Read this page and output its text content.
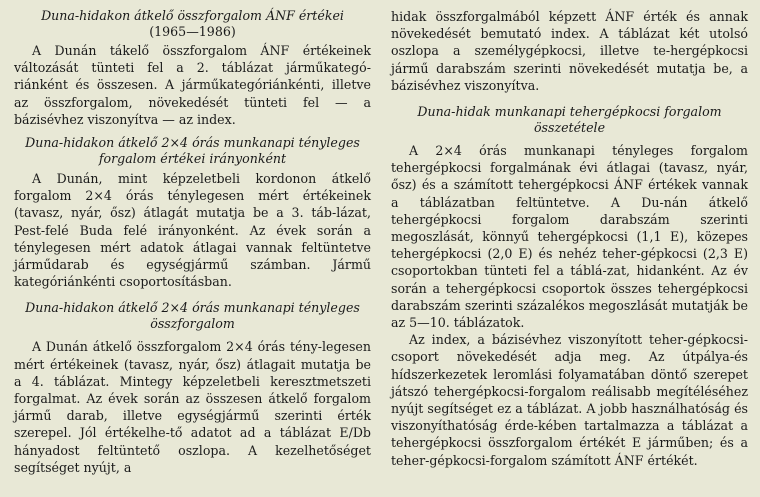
Duna-hidakon átkelő összforgalom ÁNF értékei
(1965—1986)

A Dunán tákelő összforgalom ÁNF értékeinek változását tünteti fel a 2. táblázat járműkategó-riánként és összesen. A járműkategóriánkénti, illetve az összforgalom, növekedését tünteti fel — a bázisévhez viszonyítva — az index.

Duna-hidakon átkelő 2×4 órás munkanapi tényleges forgalom értékei irányonként

A Dunán, mint képzeletbeli kordonon átkelő forgalom 2×4 órás ténylegesen mért értékeinek (tavasz, nyár, ősz) átlagát mutatja be a 3. táb-lázat, Pest-felé Buda felé irányonként. Az évek során a ténylegesen mért adatok átlagai vannak feltüntetve járműdarab és egységjármű számban. Jármű kategóriánkénti csoportosításban.

Duna-hidakon átkelő 2×4 órás munkanapi tényleges összforgalom

A Dunán átkelő összforgalom 2×4 órás tény-legesen mért értékeinek (tavasz, nyár, ősz) átlagait mutatja be a 4. táblázat. Mintegy képzeletbeli keresztmetszeti forgalmat. Az évek során az összesen átkelő forgalom jármű darab, illetve egységjármű szerinti érték szerepel. Jól értékelhe-tő adatot ad a táblázat E/Db hányadost feltüntető oszlopa. A kezelhetőséget segítséget nyújt, a

hidak összforgalmából képzett ÁNF érték és annak növekedését bemutató index. A táblázat két utolsó oszlopa a személygépkocsi, illetve te-hergépkocsi jármű darabszám szerinti növekedését mutatja be, a bázisévhez viszonyítva.

Duna-hidak munkanapi tehergépkocsi forgalom összetétele

A 2×4 órás munkanapi tényleges forgalom tehergépkocsi forgalmának évi átlagai (tavasz, nyár, ősz) és a számított tehergépkocsi ÁNF értékek vannak a táblázatban feltüntetve. A Du-nán átkelő tehergépkocsi forgalom darabszám szerinti megoszlását, könnyű tehergépkocsi (1,1 E), közepes tehergépkocsi (2,0 E) és nehéz teher-gépkocsi (2,3 E) csoportokban tünteti fel a táblá-zat, hidanként. Az év során a tehergépkocsi csoportok összes tehergépkocsi darabszám szerinti százalékos megoszlását mutatják be az 5—10. táblázatok.

Az index, a bázisévhez viszonyított teher-gépkocsi-csoport növekedését adja meg. Az útpálya-és hídszerkezetek leromlási folyamatában döntő szerepet játszó tehergépkocsi-forgalom reálisabb megítéléséhez nyújt segítséget ez a táblázat. A jobb használhatóság és viszonyíthatóság érde-kében tartalmazza a táblázat a tehergépkocsi összforgalom értékét E járműben; és a teher-gépkocsi-forgalom számított ÁNF értékét.
